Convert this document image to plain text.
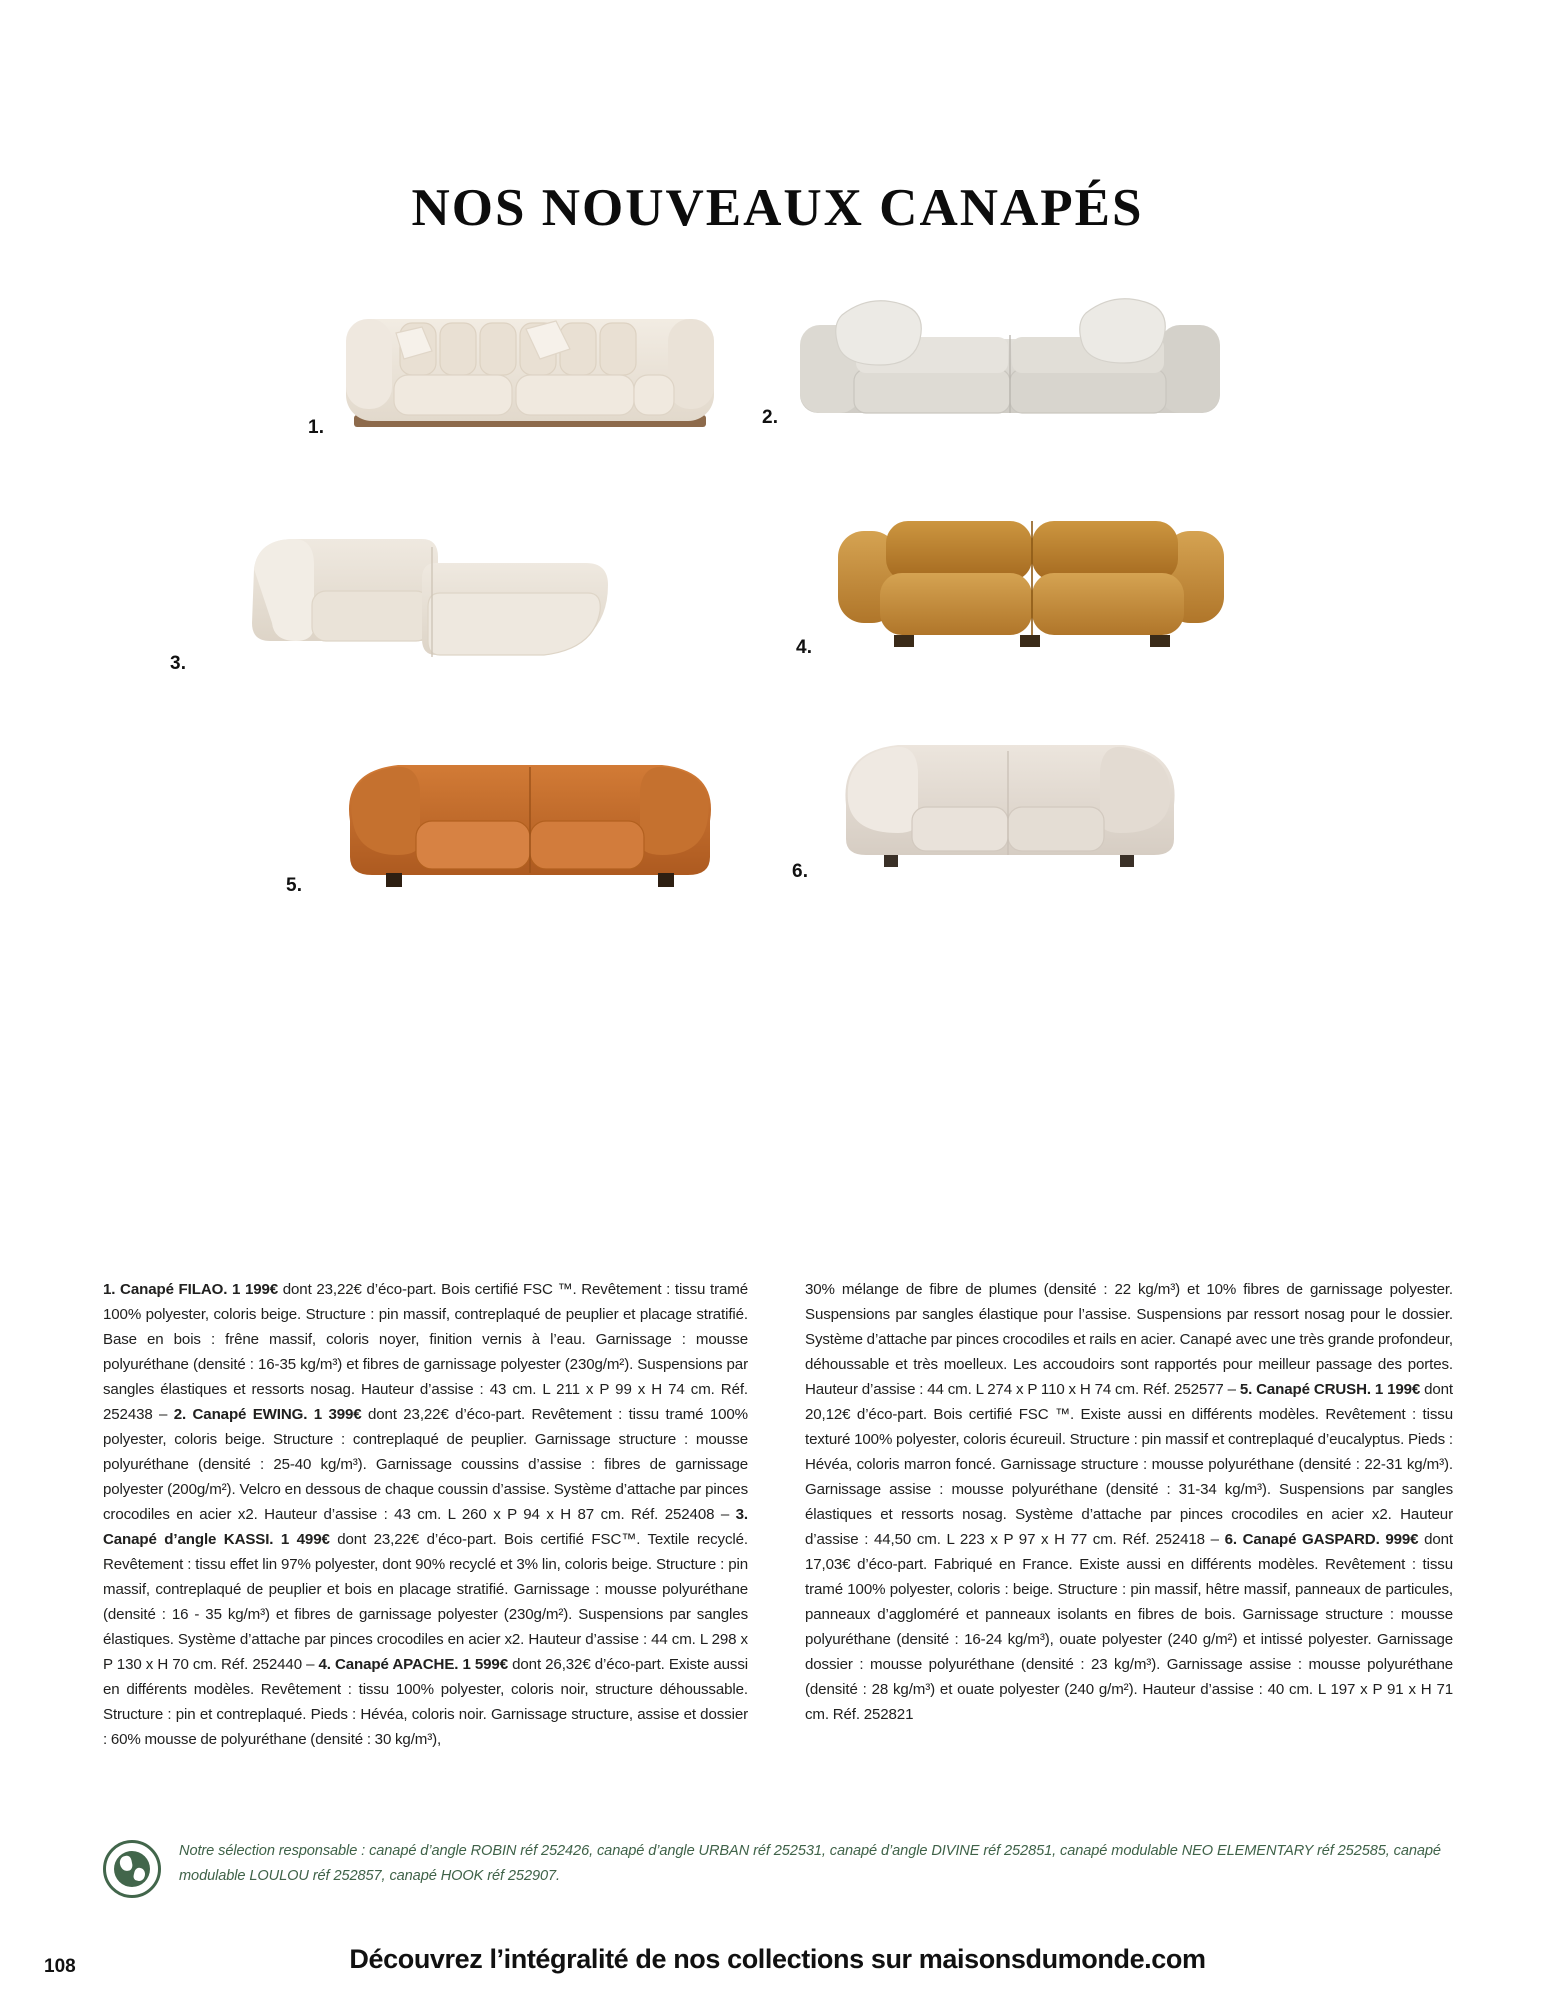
NOS NOUVEAUX CANAPÉS
1.	2.
3.
4.
5.
6.
1. Canapé FILAO. 1 199€ dont 23,22€ d’éco-part. Bois certifié FSC ™. Revêtement : tissu tramé 100% polyester, coloris beige. Structure : pin massif, contreplaqué de peuplier et placage stratifié. Base en bois : frêne massif, coloris noyer, finition vernis à l’eau. Garnissage : mousse polyuréthane (densité : 16-35 kg/m³) et fibres de garnissage polyester (230g/m²). Suspensions par sangles élastiques et ressorts nosag. Hauteur d’assise : 43 cm. L 211 x P 99 x H 74 cm. Réf. 252438 – 2. Canapé EWING. 1 399€ dont 23,22€ d’éco-part. Revêtement : tissu tramé 100% polyester, coloris beige. Structure : contreplaqué de peuplier. Garnissage structure : mousse polyuréthane (densité : 25-40 kg/m³). Garnissage coussins d’assise : fibres de garnissage polyester (200g/m²). Velcro en dessous de chaque coussin d’assise. Système d’attache par pinces crocodiles en acier x2. Hauteur d’assise : 43 cm. L 260 x P 94 x H 87 cm. Réf. 252408 – 3. Canapé d’angle KASSI. 1 499€ dont 23,22€ d’éco-part. Bois certifié FSC™. Textile recyclé. Revêtement : tissu effet lin 97% polyester, dont 90% recyclé et 3% lin, coloris beige. Structure : pin massif, contreplaqué de peuplier et bois en placage stratifié. Garnissage : mousse polyuréthane (densité : 16 - 35 kg/m³) et fibres de garnissage polyester (230g/m²). Suspensions par sangles élastiques. Système d’attache par pinces crocodiles en acier x2. Hauteur d’assise : 44 cm. L 298 x P 130 x H 70 cm. Réf. 252440 – 4. Canapé APACHE. 1 599€ dont 26,32€ d’éco-part. Existe aussi en différents modèles. Revêtement : tissu 100% polyester, coloris noir, structure déhoussable. Structure : pin et contreplaqué. Pieds : Hévéa, coloris noir. Garnissage structure, assise et dossier : 60% mousse de polyuréthane (densité : 30 kg/m³),
30% mélange de fibre de plumes (densité : 22 kg/m³) et 10% fibres de garnissage polyester. Suspensions par sangles élastique pour l’assise. Suspensions par ressort nosag pour le dossier. Système d’attache par pinces crocodiles et rails en acier. Canapé avec une très grande profondeur, déhoussable et très moelleux. Les accoudoirs sont rapportés pour meilleur passage des portes. Hauteur d’assise : 44 cm. L 274 x P 110 x H 74 cm. Réf. 252577 – 5. Canapé CRUSH. 1 199€ dont 20,12€ d’éco-part. Bois certifié FSC ™. Existe aussi en différents modèles. Revêtement : tissu texturé 100% polyester, coloris écureuil. Structure : pin massif et contreplaqué d’eucalyptus. Pieds : Hévéa, coloris marron foncé. Garnissage structure : mousse polyuréthane (densité : 22-31 kg/m³). Garnissage assise : mousse polyuréthane (densité : 31-34 kg/m³). Suspensions par sangles élastiques et ressorts nosag. Système d’attache par pinces crocodiles en acier x2. Hauteur d’assise : 44,50 cm. L 223 x P 97 x H 77 cm. Réf. 252418 – 6. Canapé GASPARD. 999€ dont 17,03€ d’éco-part. Fabriqué en France. Existe aussi en différents modèles. Revêtement : tissu tramé 100% polyester, coloris : beige. Structure : pin massif, hêtre massif, panneaux de particules, panneaux d’aggloméré et panneaux isolants en fibres de bois. Garnissage structure : mousse polyuréthane (densité : 16-24 kg/m³), ouate polyester (240 g/m²) et intissé polyester. Garnissage dossier : mousse polyuréthane (densité : 23 kg/m³). Garnissage assise : mousse polyuréthane (densité : 28 kg/m³) et ouate polyester (240 g/m²). Hauteur d’assise : 40 cm. L 197 x P 91 x H 71 cm. Réf. 252821
Notre sélection responsable : canapé d’angle ROBIN réf 252426, canapé d’angle URBAN réf 252531, canapé d’angle DIVINE réf 252851, canapé modulable NEO ELEMENTARY réf 252585, canapé modulable LOULOU réf 252857, canapé HOOK réf 252907.
108	Découvrez l’intégralité de nos collections sur maisonsdumonde.com
